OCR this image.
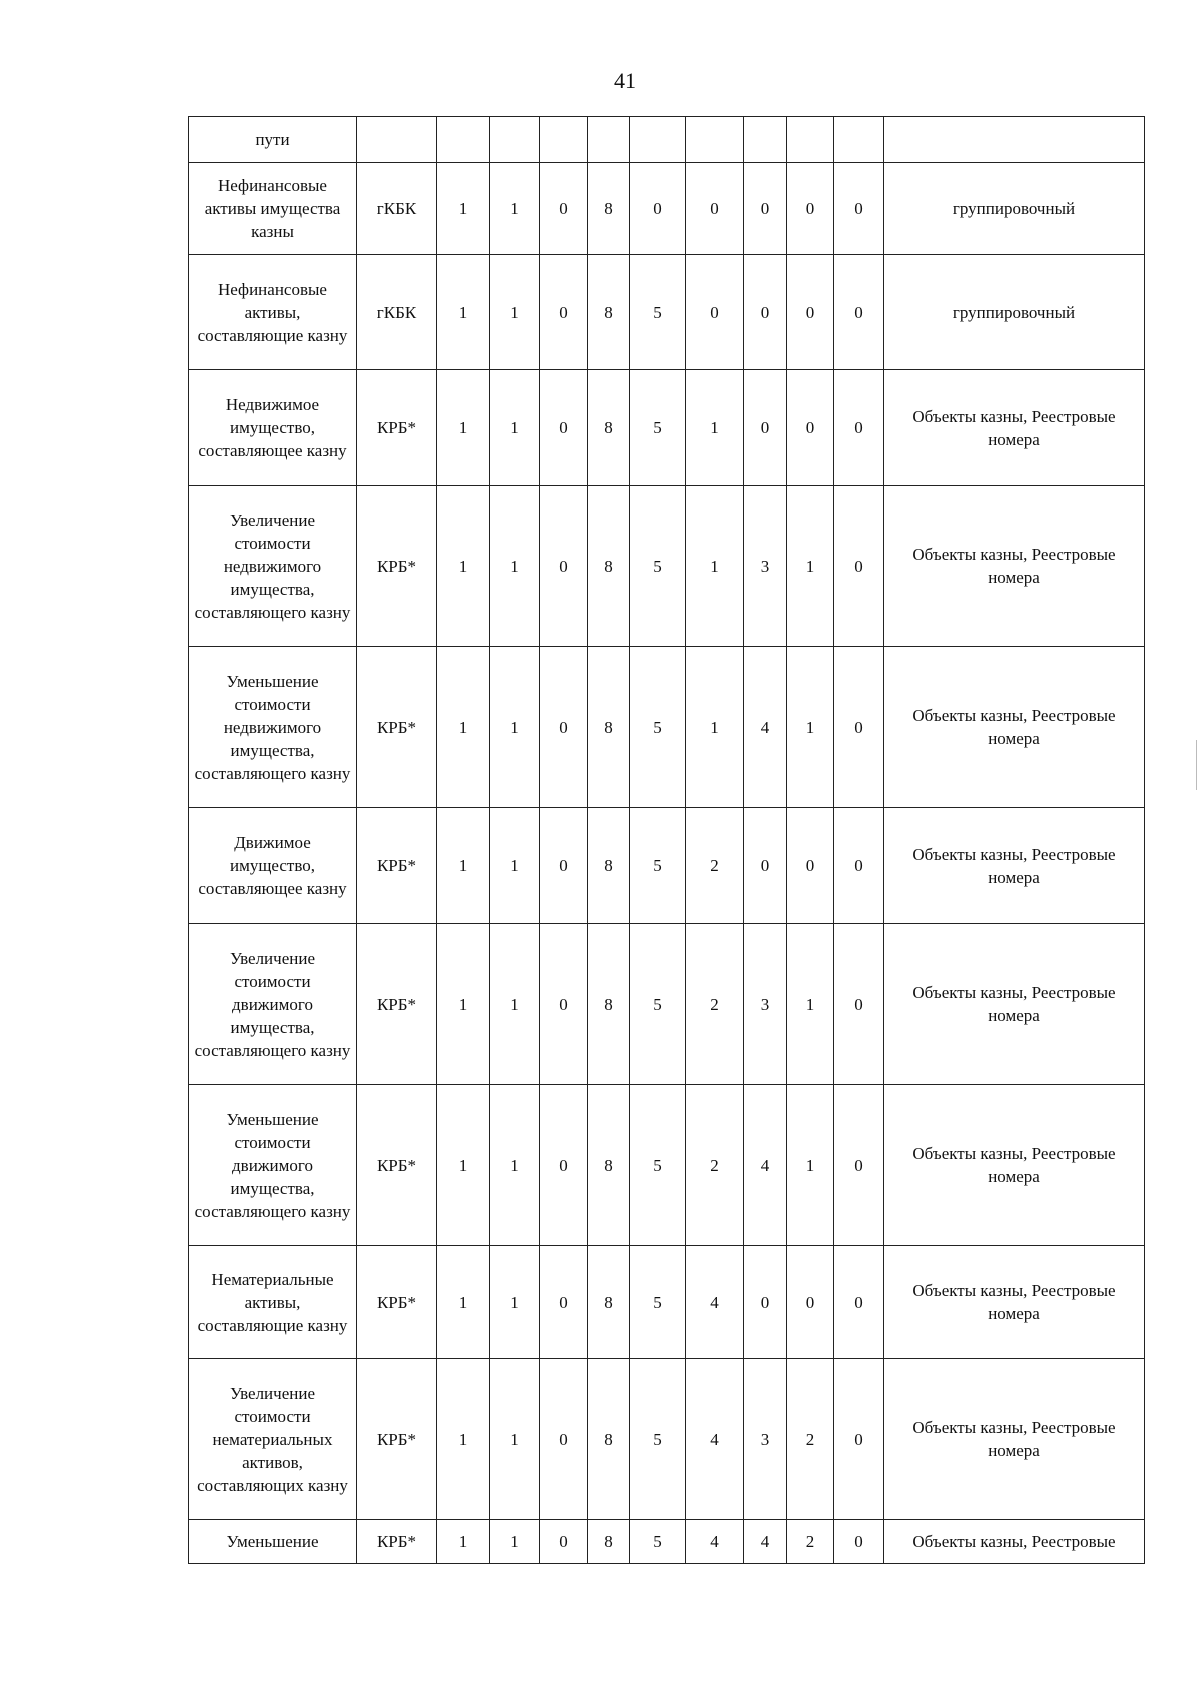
41
пути											
Нефинансовые активы имущества казны	гКБК	1	1	0	8	0	0	0	0	0	группировочный
Нефинансовые активы, составляющие казну	гКБК	1	1	0	8	5	0	0	0	0	группировочный
Недвижимое имущество, составляющее казну	КРБ*	1	1	0	8	5	1	0	0	0	Объекты казны, Реестровые номера
Увеличение стоимости недвижимого имущества, составляющего казну	КРБ*	1	1	0	8	5	1	3	1	0	Объекты казны, Реестровые номера
Уменьшение стоимости недвижимого имущества, составляющего казну	КРБ*	1	1	0	8	5	1	4	1	0	Объекты казны, Реестровые номера
Движимое имущество, составляющее казну	КРБ*	1	1	0	8	5	2	0	0	0	Объекты казны, Реестровые номера
Увеличение стоимости движимого имущества, составляющего казну	КРБ*	1	1	0	8	5	2	3	1	0	Объекты казны, Реестровые номера
Уменьшение стоимости движимого имущества, составляющего казну	КРБ*	1	1	0	8	5	2	4	1	0	Объекты казны, Реестровые номера
Нематериальные активы, составляющие казну	КРБ*	1	1	0	8	5	4	0	0	0	Объекты казны, Реестровые номера
Увеличение стоимости нематериальных активов, составляющих казну	КРБ*	1	1	0	8	5	4	3	2	0	Объекты казны, Реестровые номера
Уменьшение	КРБ*	1	1	0	8	5	4	4	2	0	Объекты казны, Реестровые
